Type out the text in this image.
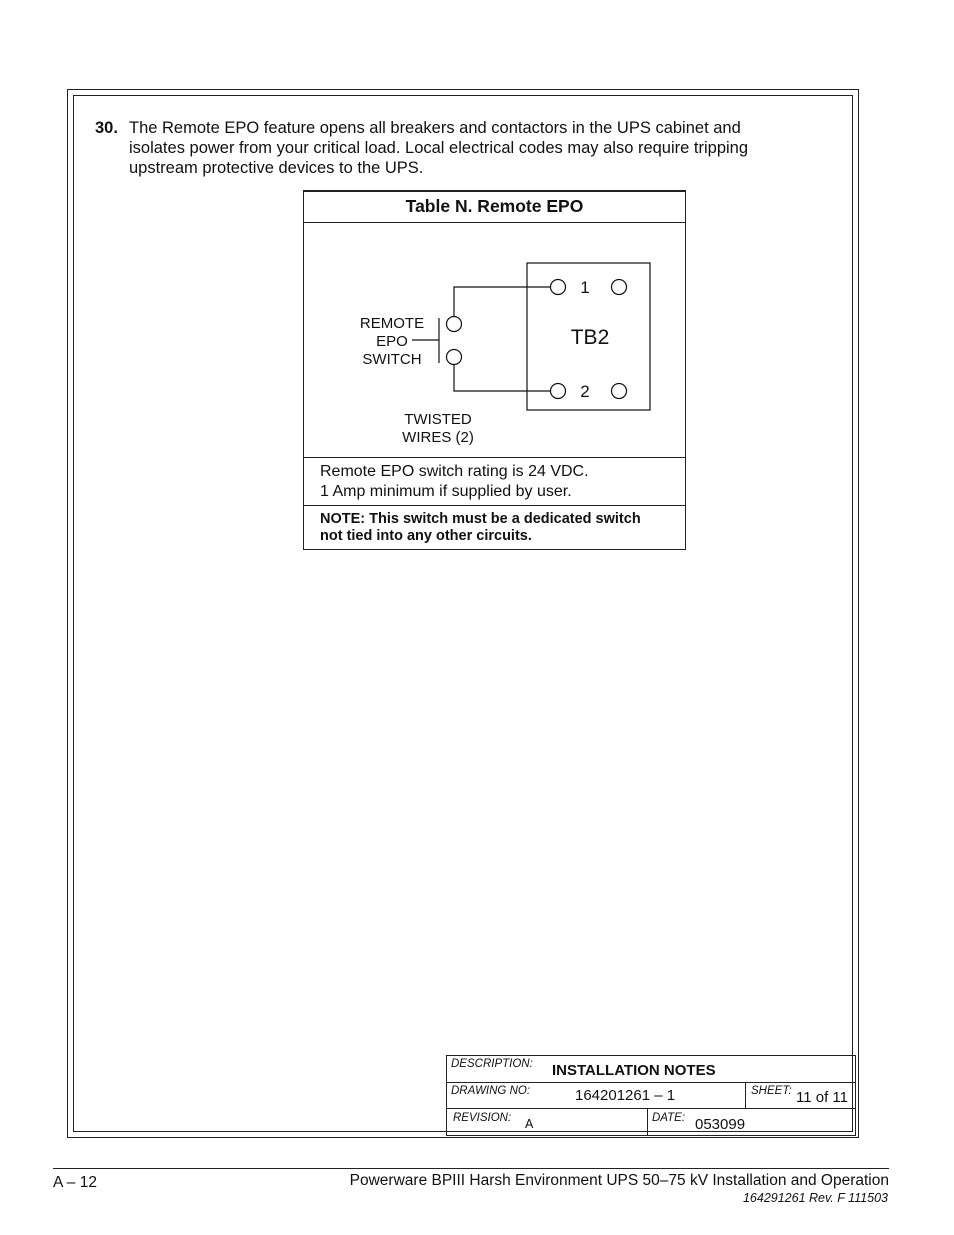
30. The Remote EPO feature opens all breakers and contactors in the UPS cabinet and isolates power from your critical load. Local electrical codes may also require tripping upstream protective devices to the UPS.
Table N. Remote EPO
REMOTE
EPO
SWITCH
TWISTED
WIRES (2)
TB2
1
2
Remote EPO switch rating is 24 VDC.
1 Amp minimum if supplied by user.
NOTE: This switch must be a dedicated switch
not tied into any other circuits.
DESCRIPTION: INSTALLATION NOTES
DRAWING NO:	164201261 – 1	SHEET: 11 of 11
REVISION: A	DATE: 053099
A – 12	Powerware BPIII Harsh Environment UPS 50–75 kV Installation and Operation
164291261 Rev. F 111503
